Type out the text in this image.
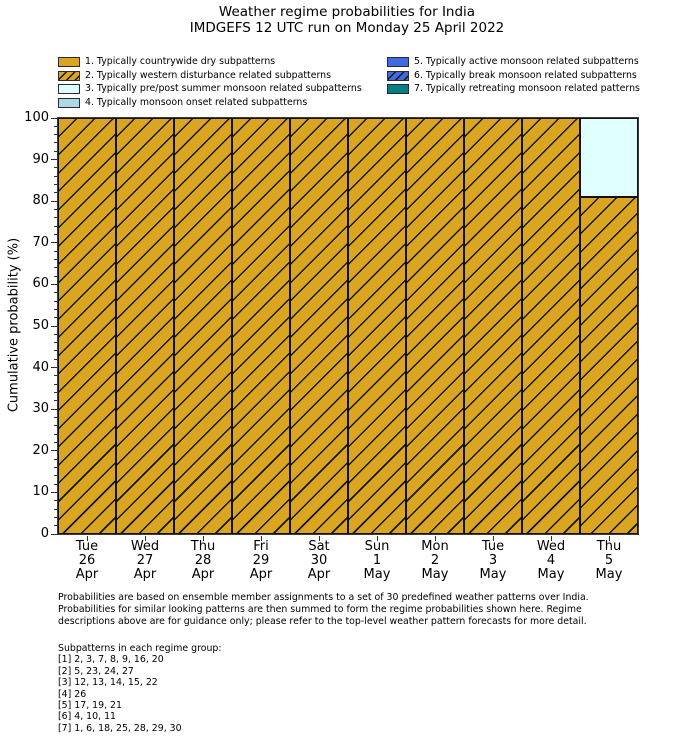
Weather regime probabilities for India
IMDGEFS 12 UTC run on Monday 25 April 2022
1. Typically countrywide dry subpatterns
2. Typically western disturbance related subpatterns
3. Typically pre/post summer monsoon related subpatterns
4. Typically monsoon onset related subpatterns
5. Typically active monsoon related subpatterns
6. Typically break monsoon related subpatterns
7. Typically retreating monsoon related patterns
Cumulative probability (%)
0
10
20
30
40
50
60
70
80
90
100
Tue
26
Apr
Wed
27
Apr
Thu
28
Apr
Fri
29
Apr
Sat
30
Apr
Sun
1
May
Mon
2
May
Tue
3
May
Wed
4
May
Thu
5
May
Probabilities are based on ensemble member assignments to a set of 30 predefined weather patterns over India.
Probabilities for similar looking patterns are then summed to form the regime probabilities shown here. Regime
descriptions above are for guidance only; please refer to the top-level weather pattern forecasts for more detail.
Subpatterns in each regime group:
[1] 2, 3, 7, 8, 9, 16, 20
[2] 5, 23, 24, 27
[3] 12, 13, 14, 15, 22
[4] 26
[5] 17, 19, 21
[6] 4, 10, 11
[7] 1, 6, 18, 25, 28, 29, 30
